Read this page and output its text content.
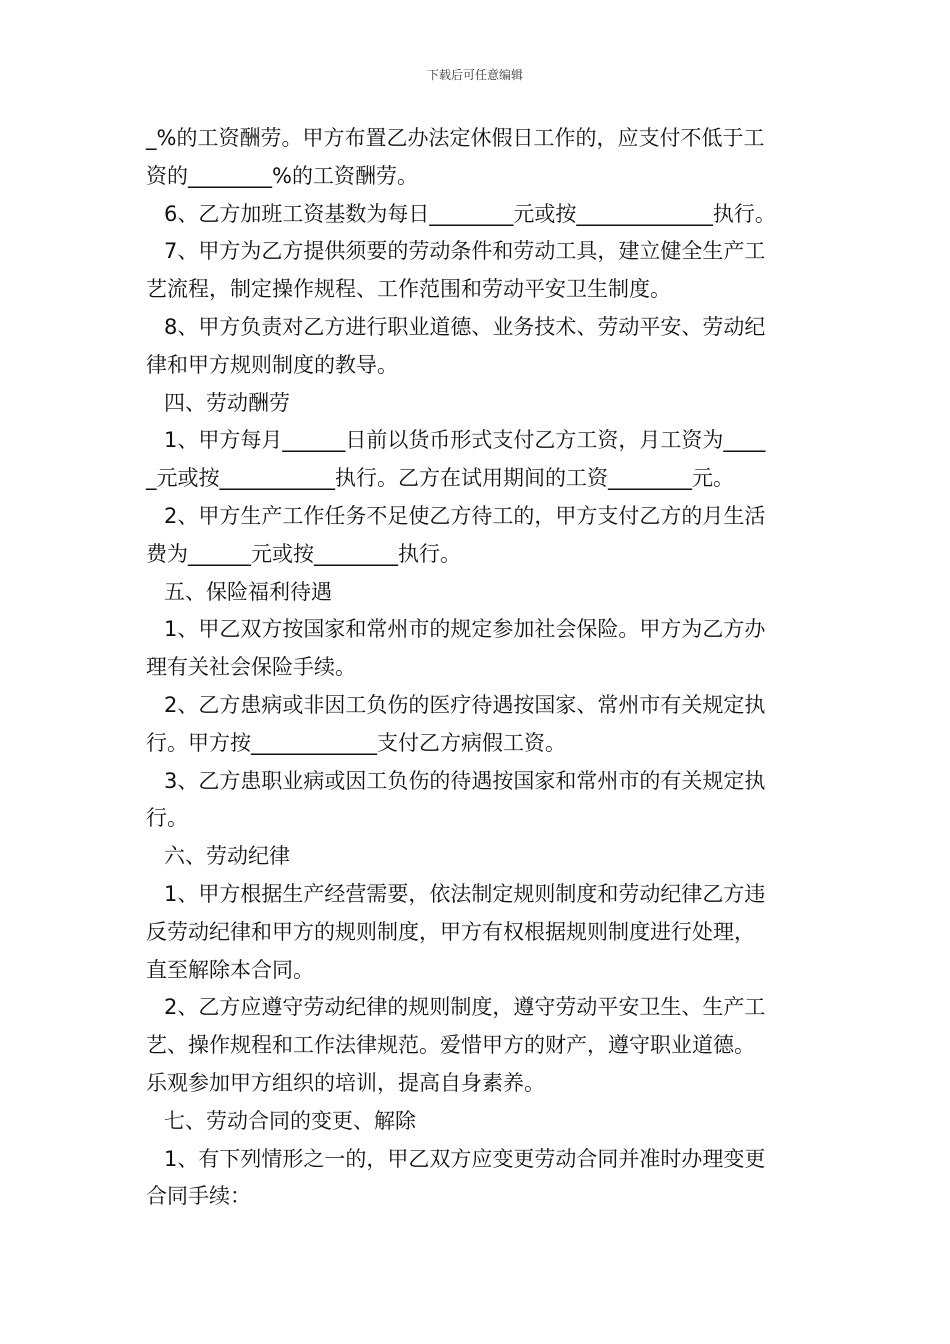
下载后可任意编辑
_%的工资酬劳。甲方布置乙办法定休假日工作的，应支付不低于工
资的________%的工资酬劳。
6、乙方加班工资基数为每日________元或按_____________执行。
7、甲方为乙方提供须要的劳动条件和劳动工具，建立健全生产工
艺流程，制定操作规程、工作范围和劳动平安卫生制度。
8、甲方负责对乙方进行职业道德、业务技术、劳动平安、劳动纪
律和甲方规则制度的教导。
四、劳动酬劳
1、甲方每月______日前以货币形式支付乙方工资，月工资为____
_元或按___________执行。乙方在试用期间的工资________元。
2、甲方生产工作任务不足使乙方待工的，甲方支付乙方的月生活
费为______元或按________执行。
五、保险福利待遇
1、甲乙双方按国家和常州市的规定参加社会保险。甲方为乙方办
理有关社会保险手续。
2、乙方患病或非因工负伤的医疗待遇按国家、常州市有关规定执
行。甲方按____________支付乙方病假工资。
3、乙方患职业病或因工负伤的待遇按国家和常州市的有关规定执
行。
六、劳动纪律
1、甲方根据生产经营需要，依法制定规则制度和劳动纪律乙方违
反劳动纪律和甲方的规则制度，甲方有权根据规则制度进行处理，
直至解除本合同。
2、乙方应遵守劳动纪律的规则制度，遵守劳动平安卫生、生产工
艺、操作规程和工作法律规范。爱惜甲方的财产，遵守职业道德。
乐观参加甲方组织的培训，提高自身素养。
七、劳动合同的变更、解除
1、有下列情形之一的，甲乙双方应变更劳动合同并准时办理变更
合同手续：
